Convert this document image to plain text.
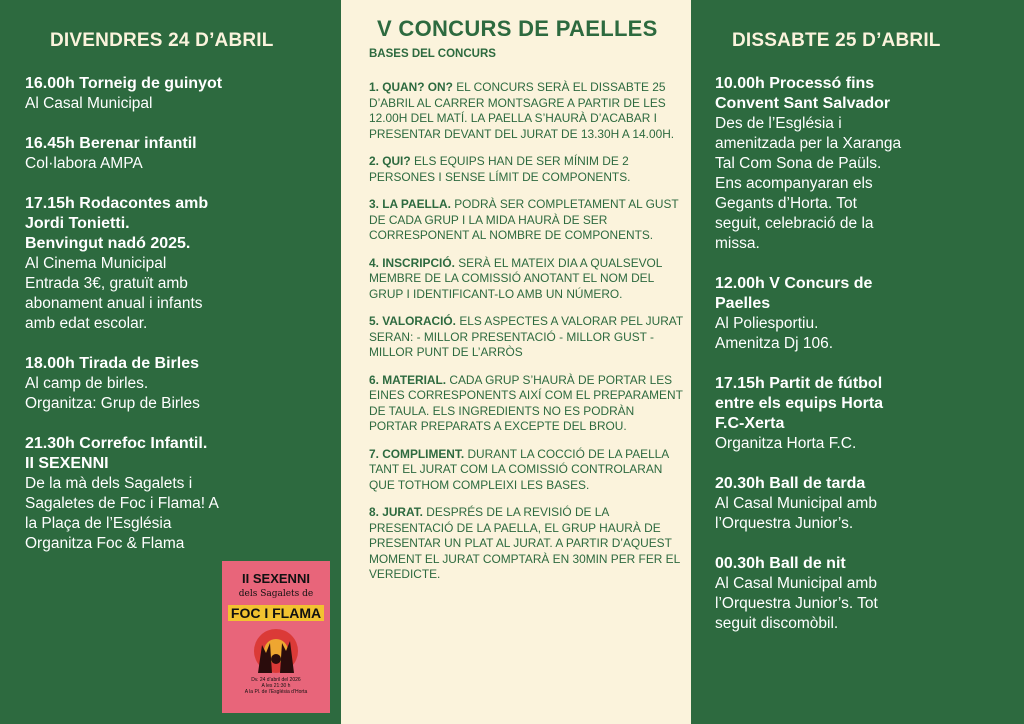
DIVENDRES 24 D’ABRIL
16.00h Torneig de guinyot
Al Casal Municipal
16.45h Berenar infantil
Col·labora AMPA
17.15h Rodacontes amb
Jordi Tonietti.
Benvingut nadó 2025.
Al Cinema Municipal
Entrada 3€, gratuït amb
abonament anual i infants
amb edat escolar.
18.00h Tirada de Birles
Al camp de birles.
Organitza: Grup de Birles
21.30h Correfoc Infantil.
II SEXENNI
De la mà dels Sagalets i
Sagaletes de Foc i Flama! A
la Plaça de l’Església
Organitza Foc & Flama
II SEXENNI
dels Sagalets de
FOC I FLAMA
Dv. 24 d’abril del 2026
A les 21:30 h
A la Pl. de l’Església d’Horta
V CONCURS DE PAELLES
BASES DEL CONCURS
1. QUAN? ON? EL CONCURS SERÀ EL DISSABTE 25 D’ABRIL AL CARRER MONTSAGRE A PARTIR DE LES 12.00H DEL MATÍ. LA PAELLA S’HAURÀ D’ACABAR I PRESENTAR DEVANT DEL JURAT DE 13.30H A 14.00H.
2. QUI? ELS EQUIPS HAN DE SER MÍNIM DE 2 PERSONES I SENSE LÍMIT DE COMPONENTS.
3. LA PAELLA. PODRÀ SER COMPLETAMENT AL GUST DE CADA GRUP I LA MIDA HAURÀ DE SER CORRESPONENT AL NOMBRE DE COMPONENTS.
4. INSCRIPCIÓ. SERÀ EL MATEIX DIA A QUALSEVOL MEMBRE DE LA COMISSIÓ ANOTANT EL NOM DEL GRUP I IDENTIFICANT-LO AMB UN NÚMERO.
5. VALORACIÓ. ELS ASPECTES A VALORAR PEL JURAT SERAN: - MILLOR PRESENTACIÓ - MILLOR GUST - MILLOR PUNT DE L’ARRÒS
6. MATERIAL. CADA GRUP S’HAURÀ DE PORTAR LES EINES CORRESPONENTS AIXÍ COM EL PREPARAMENT DE TAULA. ELS INGREDIENTS NO ES PODRÀN PORTAR PREPARATS A EXCEPTE DEL BROU.
7. COMPLIMENT. DURANT LA COCCIÓ DE LA PAELLA TANT EL JURAT COM LA COMISSIÓ CONTROLARAN QUE TOTHOM COMPLEIXI LES BASES.
8. JURAT. DESPRÉS DE LA REVISIÓ DE LA PRESENTACIÓ DE LA PAELLA, EL GRUP HAURÀ DE PRESENTAR UN PLAT AL JURAT. A PARTIR D’AQUEST MOMENT EL JURAT COMPTARÀ EN 30MIN PER FER EL VEREDICTE.
DISSABTE 25 D’ABRIL
10.00h Processó fins
Convent Sant Salvador
Des de l’Església i
amenitzada per la Xaranga
Tal Com Sona de Paüls.
Ens acompanyaran els
Gegants d’Horta. Tot
seguit, celebració de la
missa.
12.00h V Concurs de
Paelles
Al Poliesportiu.
Amenitza Dj 106.
17.15h Partit de fútbol
entre els equips Horta
F.C-Xerta
Organitza Horta F.C.
20.30h Ball de tarda
Al Casal Municipal amb
l’Orquestra Junior’s.
00.30h Ball de nit
Al Casal Municipal amb
l’Orquestra Junior’s. Tot
seguit discomòbil.
